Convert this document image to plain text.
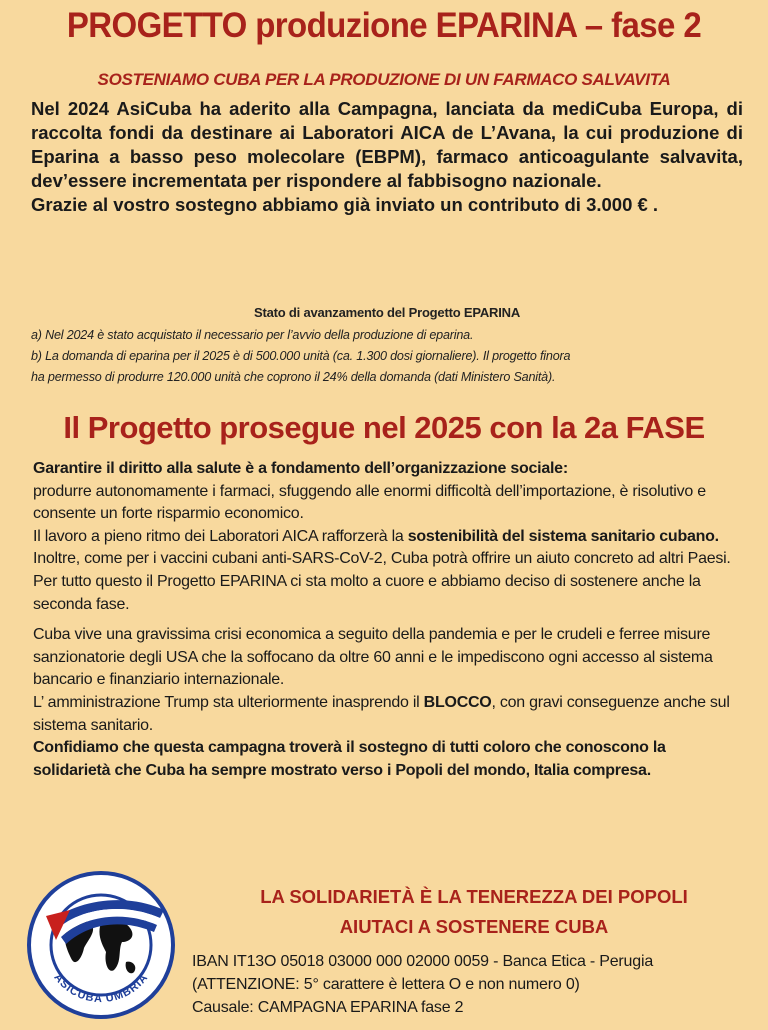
PROGETTO produzione EPARINA – fase 2
SOSTENIAMO CUBA PER LA PRODUZIONE DI UN FARMACO SALVAVITA

Nel 2024 AsiCuba ha aderito alla Campagna, lanciata da mediCuba Europa, di raccolta fondi da destinare ai Laboratori AICA de L’Avana, la cui produzione di Eparina a basso peso molecolare (EBPM), farmaco anticoagulante salvavita, dev’essere incrementata per rispondere al fabbisogno nazionale.

Grazie al vostro sostegno abbiamo già inviato un contributo di 3.000 € .

Stato di avanzamento del Progetto EPARINA
a) Nel 2024 è stato acquistato il necessario per l’avvio della produzione di eparina.
b) La domanda di eparina per il 2025 è di 500.000 unità (ca. 1.300 dosi giornaliere). Il progetto finora
ha permesso di produrre 120.000 unità che coprono il 24% della domanda (dati Ministero Sanità).
Il Progetto prosegue nel 2025 con la 2a FASE

Garantire il diritto alla salute è a fondamento dell’organizzazione sociale:
produrre autonomamente i farmaci, sfuggendo alle enormi difficoltà dell’importazione, è risolutivo e consente un forte risparmio economico.

Il lavoro a pieno ritmo dei Laboratori AICA rafforzerà la sostenibilità del sistema sanitario cubano. Inoltre, come per i vaccini cubani anti-SARS-CoV-2, Cuba potrà offrire un aiuto concreto ad altri Paesi.

Per tutto questo il Progetto EPARINA ci sta molto a cuore e abbiamo deciso di sostenere anche la seconda fase.

Cuba vive una gravissima crisi economica a seguito della pandemia e per le crudeli e ferree misure sanzionatorie degli USA che la soffocano da oltre 60 anni e le impediscono ogni accesso al sistema bancario e finanziario internazionale.

L’ amministrazione Trump sta ulteriormente inasprendo il BLOCCO, con gravi conseguenze anche sul sistema sanitario.

Confidiamo che questa campagna troverà il sostegno di tutti coloro che conoscono la solidarietà che Cuba ha sempre mostrato verso i Popoli del mondo, Italia compresa.

ASICUBA UMBRIA
LA SOLIDARIETÀ È LA TENEREZZA DEI POPOLI
AIUTACI A SOSTENERE CUBA

IBAN IT13O 05018 03000 000 02000 0059 - Banca Etica - Perugia

(ATTENZIONE: 5° carattere è lettera O e non numero 0)

Causale: CAMPAGNA EPARINA fase 2
